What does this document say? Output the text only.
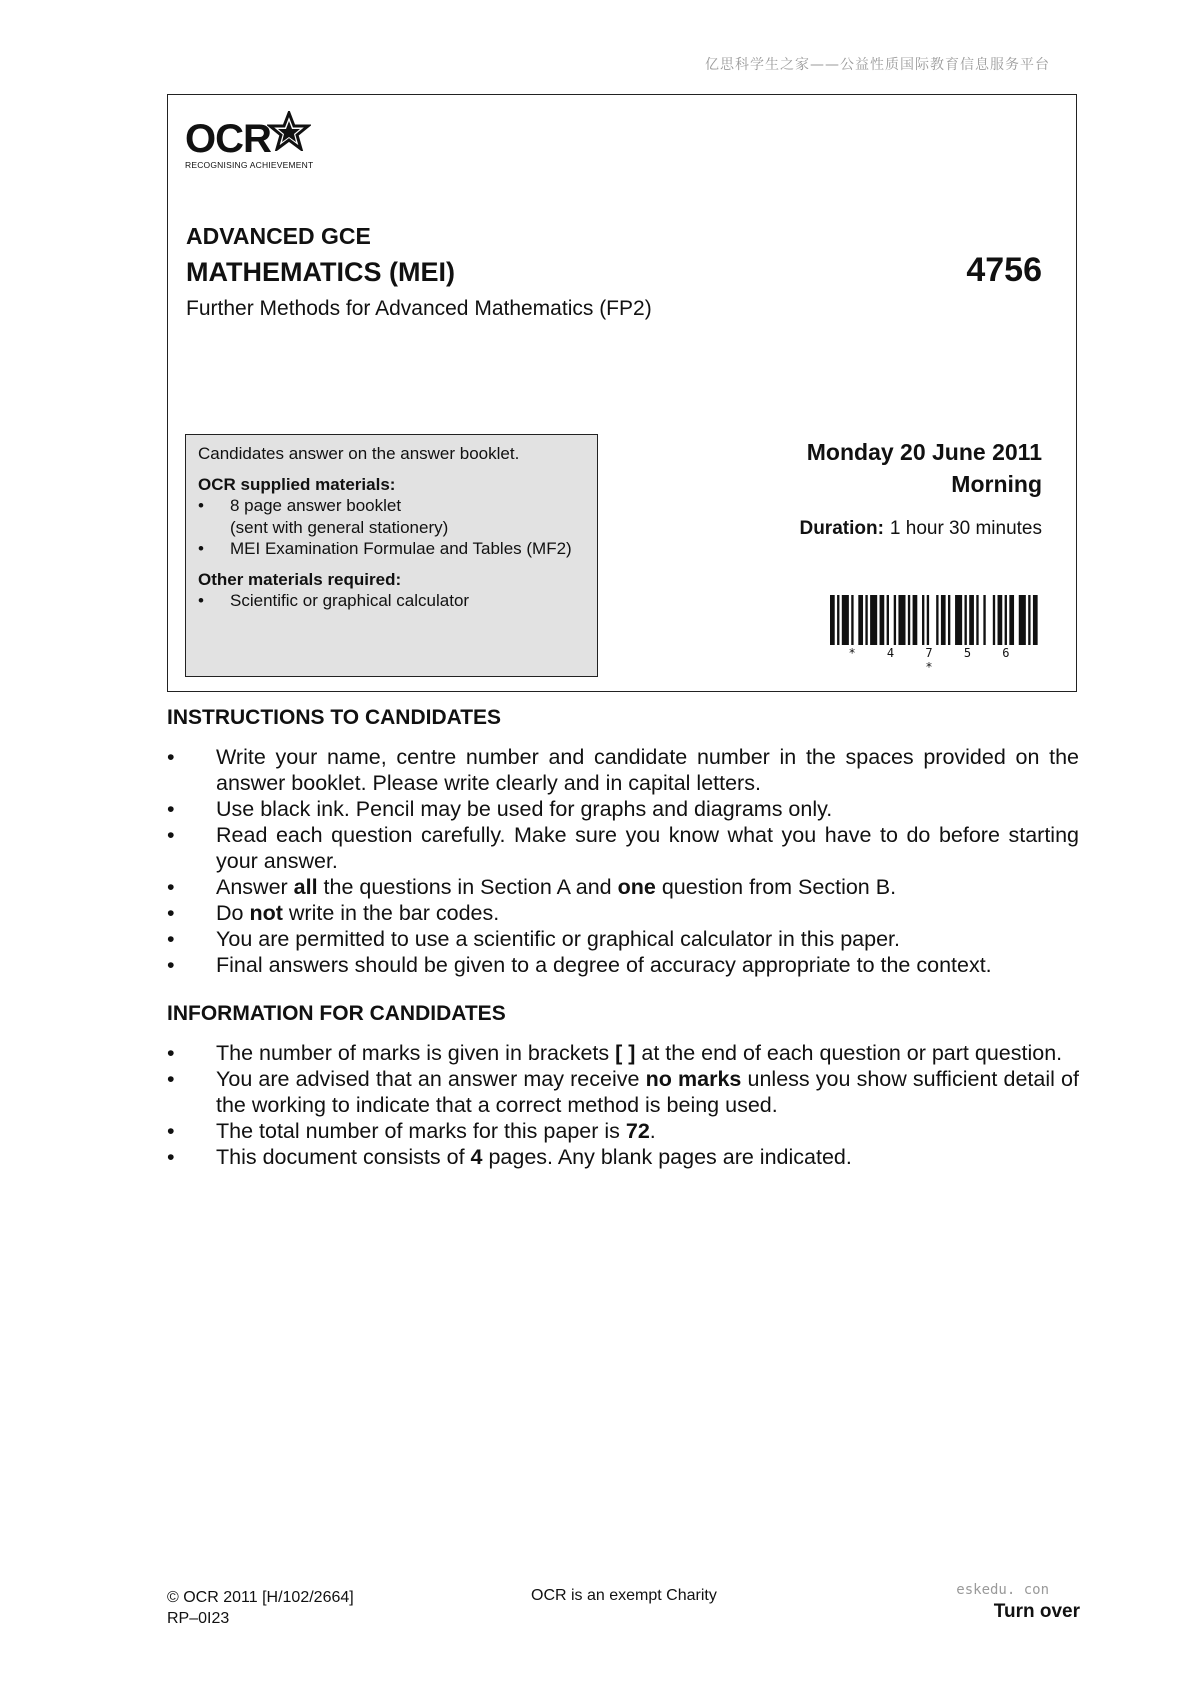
亿思科学生之家——公益性质国际教育信息服务平台
OCR
RECOGNISING ACHIEVEMENT
ADVANCED GCE
MATHEMATICS (MEI)	4756
Further Methods for Advanced Mathematics (FP2)
Candidates answer on the answer booklet.
OCR supplied materials:
• 8 page answer booklet
(sent with general stationery)
• MEI Examination Formulae and Tables (MF2)
Other materials required:
• Scientific or graphical calculator
Monday 20 June 2011
Morning
Duration: 1 hour 30 minutes
* 4 7 5 6 *
INSTRUCTIONS TO CANDIDATES
• Write your name, centre number and candidate number in the spaces provided on the answer booklet. Please write clearly and in capital letters.
• Use black ink. Pencil may be used for graphs and diagrams only.
• Read each question carefully. Make sure you know what you have to do before starting your answer.
• Answer all the questions in Section A and one question from Section B.
• Do not write in the bar codes.
• You are permitted to use a scientific or graphical calculator in this paper.
• Final answers should be given to a degree of accuracy appropriate to the context.
INFORMATION FOR CANDIDATES
• The number of marks is given in brackets [ ] at the end of each question or part question.
• You are advised that an answer may receive no marks unless you show sufficient detail of the working to indicate that a correct method is being used.
• The total number of marks for this paper is 72.
• This document consists of 4 pages. Any blank pages are indicated.
© OCR 2011 [H/102/2664]
RP–0I23
OCR is an exempt Charity	eskedu. con
Turn over
